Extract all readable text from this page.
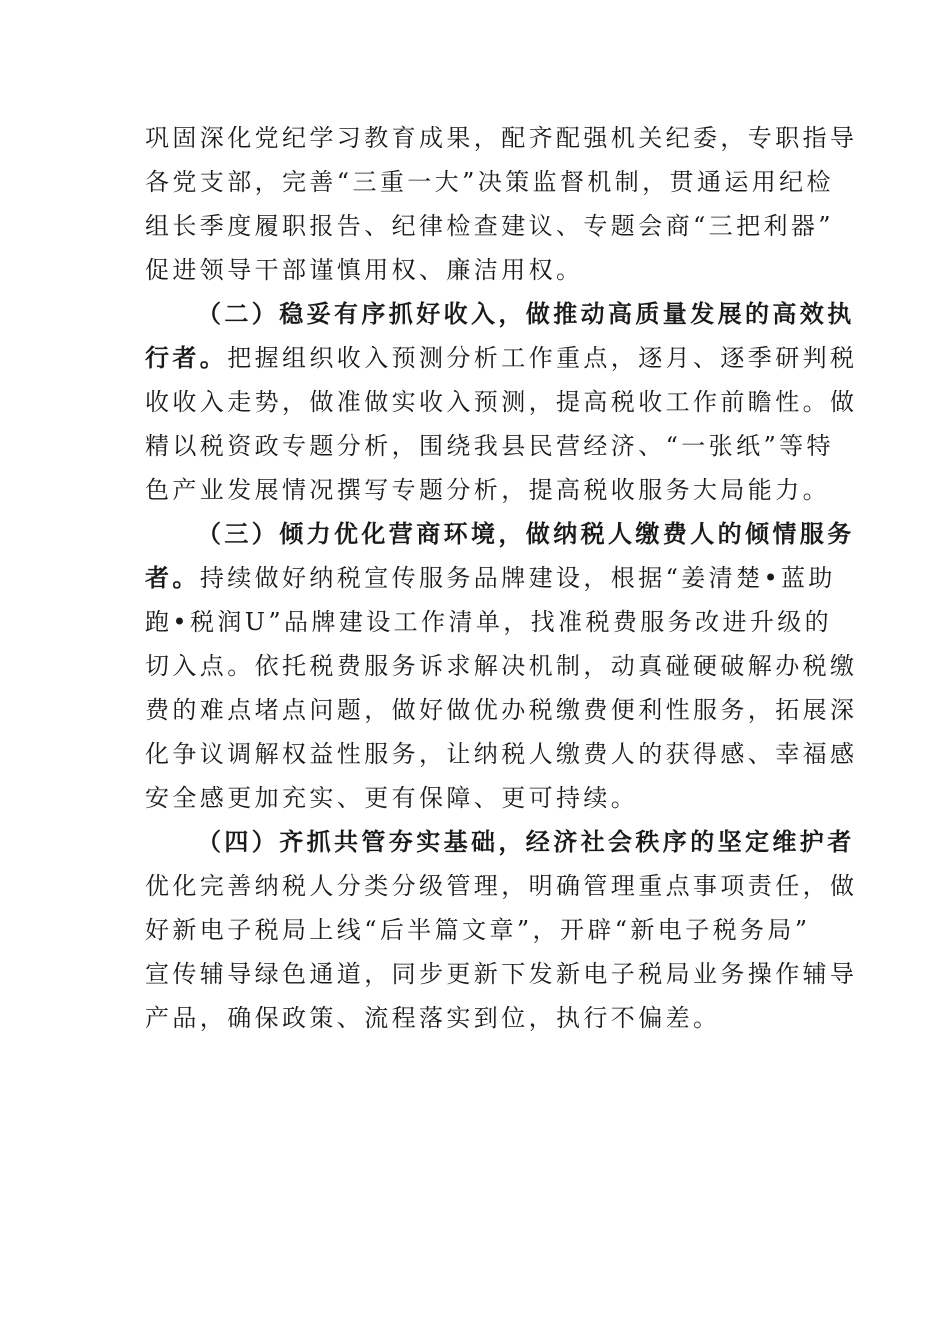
巩固深化党纪学习教育成果，配齐配强机关纪委，专职指导
各党支部，完善“三重一大”决策监督机制，贯通运用纪检
组长季度履职报告、纪律检查建议、专题会商“三把利器”
促进领导干部谨慎用权、廉洁用权。
（二）稳妥有序抓好收入，做推动高质量发展的高效执
行者。把握组织收入预测分析工作重点，逐月、逐季研判税
收收入走势，做准做实收入预测，提高税收工作前瞻性。做
精以税资政专题分析，围绕我县民营经济、“一张纸”等特
色产业发展情况撰写专题分析，提高税收服务大局能力。
（三）倾力优化营商环境，做纳税人缴费人的倾情服务
者。持续做好纳税宣传服务品牌建设，根据“姜清楚•蓝助
跑•税润U”品牌建设工作清单，找准税费服务改进升级的
切入点。依托税费服务诉求解决机制，动真碰硬破解办税缴
费的难点堵点问题，做好做优办税缴费便利性服务，拓展深
化争议调解权益性服务，让纳税人缴费人的获得感、幸福感
安全感更加充实、更有保障、更可持续。
（四）齐抓共管夯实基础，经济社会秩序的坚定维护者
优化完善纳税人分类分级管理，明确管理重点事项责任，做
好新电子税局上线“后半篇文章”，开辟“新电子税务局”
宣传辅导绿色通道，同步更新下发新电子税局业务操作辅导
产品，确保政策、流程落实到位，执行不偏差。
